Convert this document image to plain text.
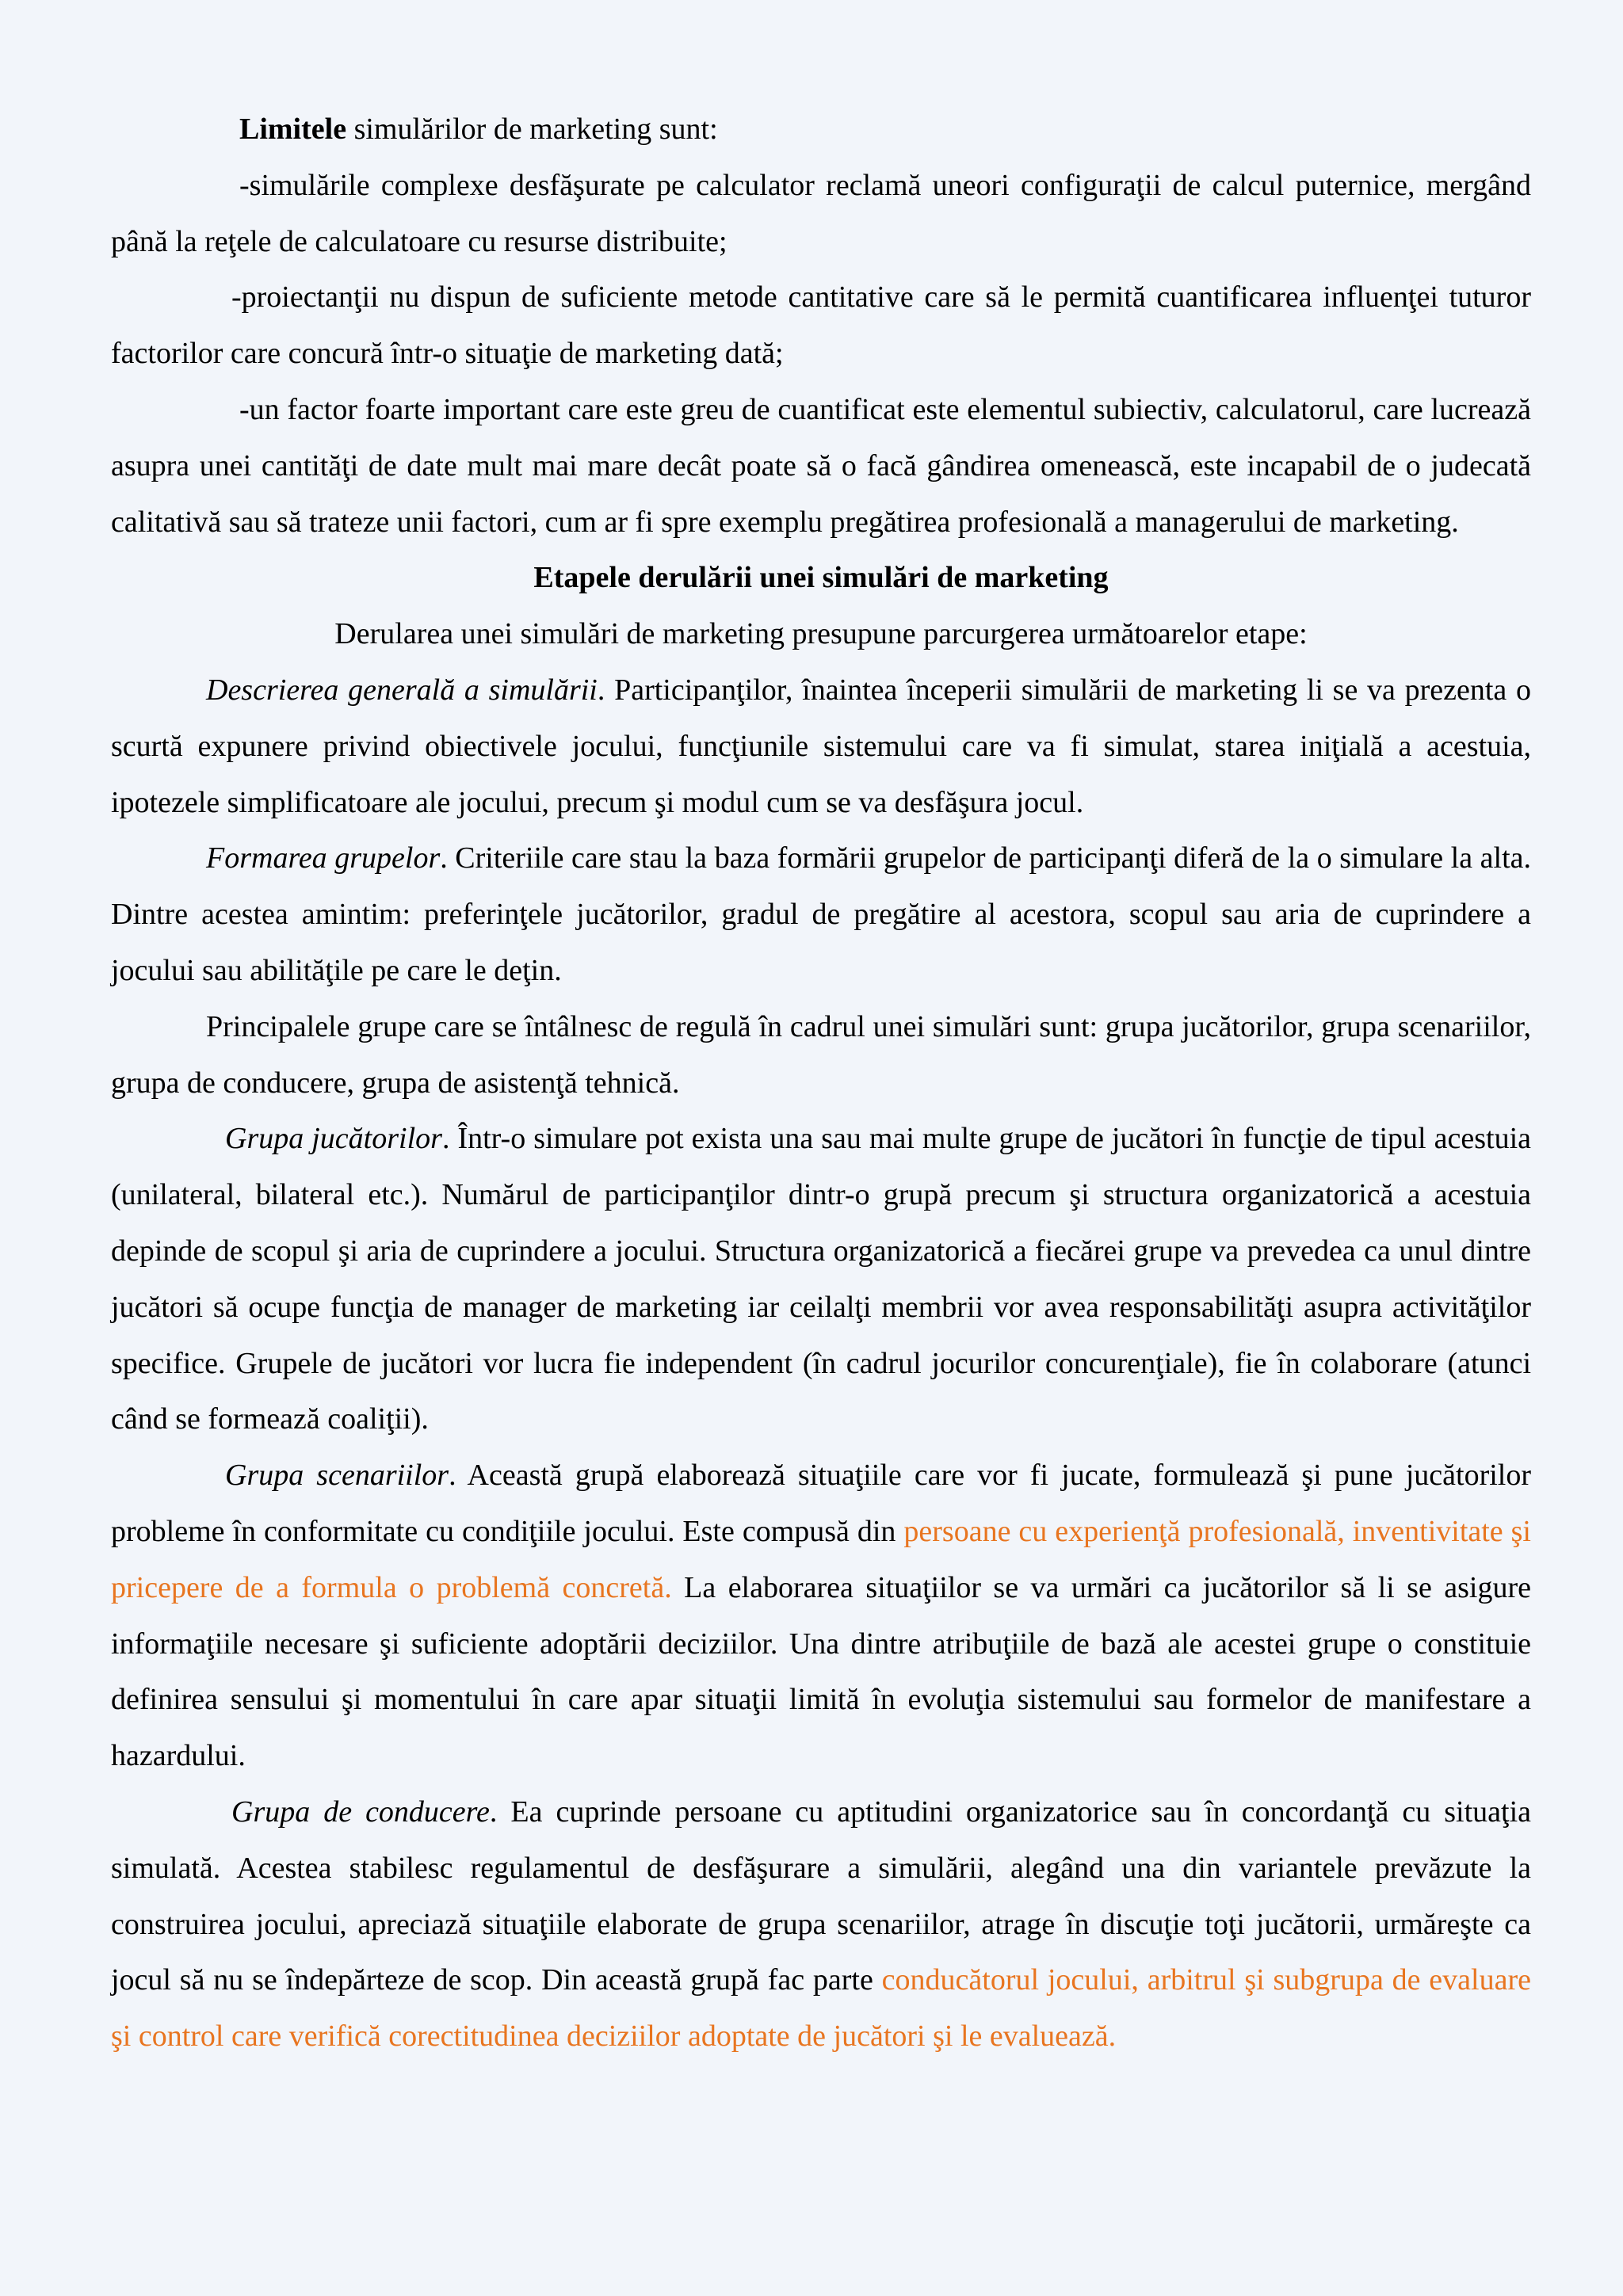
Limitele simulărilor de marketing sunt:

-simulările complexe desfăşurate pe calculator reclamă uneori configuraţii de calcul puternice, mergând până la reţele de calculatoare cu resurse distribuite;

-proiectanţii nu dispun de suficiente metode cantitative care să le permită cuantificarea influenţei tuturor factorilor care concură într-o situaţie de marketing dată;

-un factor foarte important care este greu de cuantificat este elementul subiectiv, calculatorul, care lucrează asupra unei cantităţi de date mult mai mare decât poate să o facă gândirea omenească, este incapabil de o judecată calitativă sau să trateze unii factori, cum ar fi spre exemplu pregătirea profesională a managerului de marketing.

Etapele derulării unei simulări de marketing

Derularea unei simulări de marketing presupune parcurgerea următoarelor etape:

Descrierea generală a simulării. Participanţilor, înaintea începerii simulării de marketing li se va prezenta o scurtă expunere privind obiectivele jocului, funcţiunile sistemului care va fi simulat, starea iniţială a acestuia, ipotezele simplificatoare ale jocului, precum şi modul cum se va desfăşura jocul.

Formarea grupelor. Criteriile care stau la baza formării grupelor de participanţi diferă de la o simulare la alta. Dintre acestea amintim: preferinţele jucătorilor, gradul de pregătire al acestora, scopul sau aria de cuprindere a jocului sau abilităţile pe care le deţin.

Principalele grupe care se întâlnesc de regulă în cadrul unei simulări sunt: grupa jucătorilor, grupa scenariilor, grupa de conducere, grupa de asistenţă tehnică.

Grupa jucătorilor. Într-o simulare pot exista una sau mai multe grupe de jucători în funcţie de tipul acestuia (unilateral, bilateral etc.). Numărul de participanţilor dintr-o grupă precum şi structura organizatorică a acestuia depinde de scopul şi aria de cuprindere a jocului. Structura organizatorică a fiecărei grupe va prevedea ca unul dintre jucători să ocupe funcţia de manager de marketing iar ceilalţi membrii vor avea responsabilităţi asupra activităţilor specifice. Grupele de jucători vor lucra fie independent (în cadrul jocurilor concurenţiale), fie în colaborare (atunci când se formează coaliţii).

Grupa scenariilor. Această grupă elaborează situaţiile care vor fi jucate, formulează şi pune jucătorilor probleme în conformitate cu condiţiile jocului. Este compusă din persoane cu experienţă profesională, inventivitate şi pricepere de a formula o problemă concretă. La elaborarea situaţiilor se va urmări ca jucătorilor să li se asigure informaţiile necesare şi suficiente adoptării deciziilor. Una dintre atribuţiile de bază ale acestei grupe o constituie definirea sensului şi momentului în care apar situaţii limită în evoluţia sistemului sau formelor de manifestare a hazardului.

Grupa de conducere. Ea cuprinde persoane cu aptitudini organizatorice sau în concordanţă cu situaţia simulată. Acestea stabilesc regulamentul de desfăşurare a simulării, alegând una din variantele prevăzute la construirea jocului, apreciază situaţiile elaborate de grupa scenariilor, atrage în discuţie toţi jucătorii, urmăreşte ca jocul să nu se îndepărteze de scop. Din această grupă fac parte conducătorul jocului, arbitrul şi subgrupa de evaluare şi control care verifică corectitudinea deciziilor adoptate de jucători şi le evaluează.
